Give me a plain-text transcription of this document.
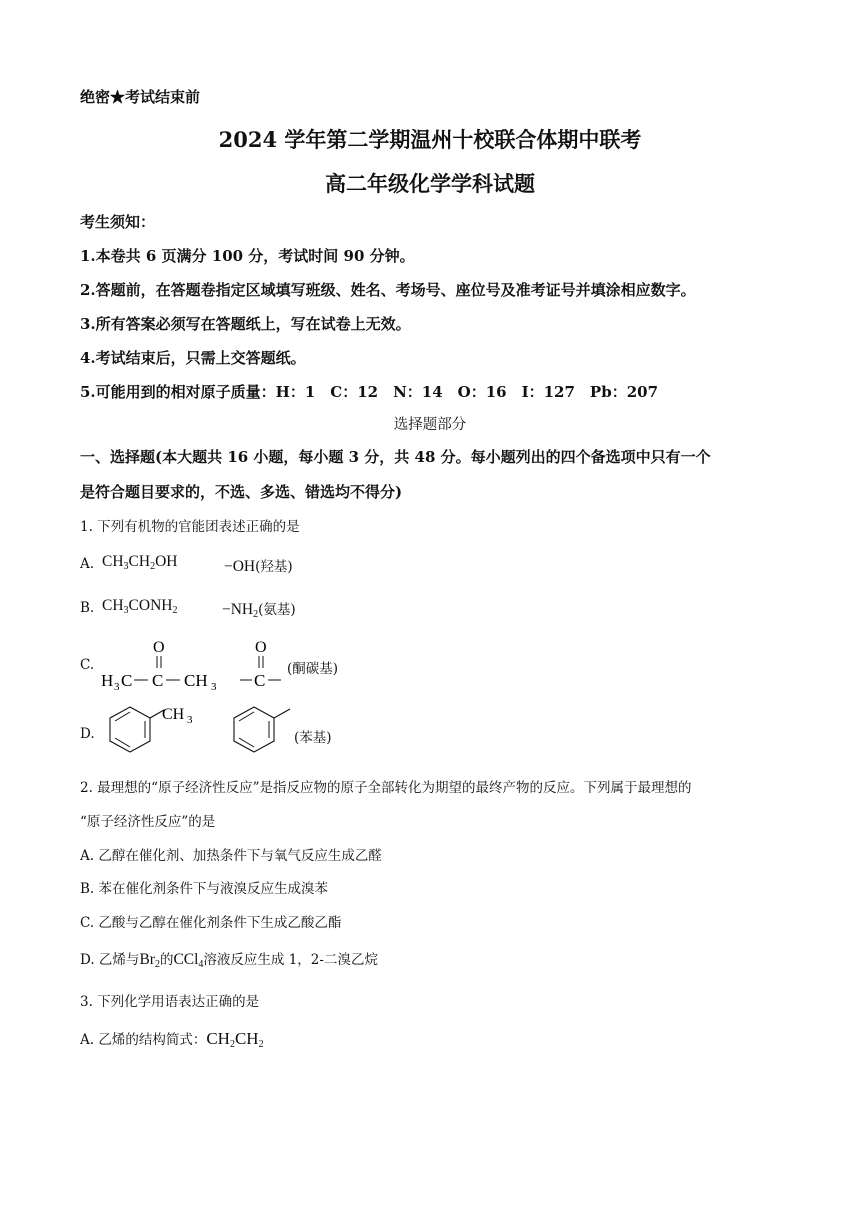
绝密★考试结束前
2024 学年第二学期温州十校联合体期中联考
高二年级化学学科试题
考生须知：
1.本卷共 6 页满分 100 分，考试时间 90 分钟。
2.答题前，在答题卷指定区域填写班级、姓名、考场号、座位号及准考证号并填涂相应数字。
3.所有答案必须写在答题纸上，写在试卷上无效。
4.考试结束后，只需上交答题纸。
5.可能用到的相对原子质量：H：1　C：12　N：14　O：16　I：127　Pb：207
选择题部分
一、选择题(本大题共 16 小题，每小题 3 分，共 48 分。每小题列出的四个备选项中只有一个
是符合题目要求的，不选、多选、错选均不得分)
1. 下列有机物的官能团表述正确的是
A. $CH_3CH_2OH$	−OH(羟基)
B. $CH_3CONH_2$	$-NH_2$(氨基)
C.
O
H 3 C C CH 3
O
C
(酮碳基)
D.
CH 3
(苯基)
2. 最理想的“原子经济性反应”是指反应物的原子全部转化为期望的最终产物的反应。下列属于最理想的
“原子经济性反应”的是
A. 乙醇在催化剂、加热条件下与氧气反应生成乙醛
B. 苯在催化剂条件下与液溴反应生成溴苯
C. 乙酸与乙醇在催化剂条件下生成乙酸乙酯
D. 乙烯与$Br_2$的CCl$_4$溶液反应生成 1，2-二溴乙烷
3. 下列化学用语表达正确的是
A. 乙烯的结构简式：$CH_2CH_2$
